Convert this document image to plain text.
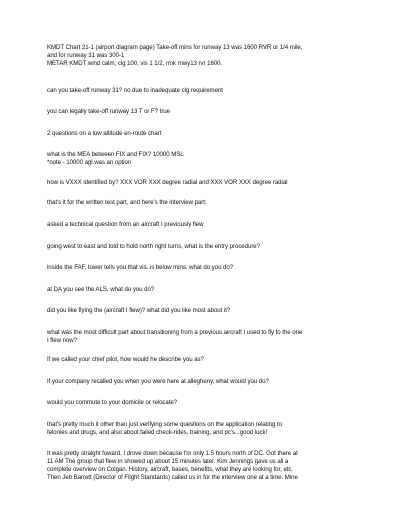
KMDT Chart 21-1 (airport diagram page) Take-off mins for runway 13 was 1600 RVR or 1/4 mile,
and for runway 31 was 300-1
METAR KMDT wind calm, clg 100, vis 1 1/2, rmk rnwy13 rvr 1600.

can you take-off runway 31? no due to inadequate clg requirement

you can legally take-off runway 13 T or F? true

2 questions on a low altitude en-route chart

what is the MEA between FIX and FIX? 10000 MSL
*note - 10000 agl was an option

how is VXXX identified by? XXX VOR XXX degree radial and XXX VOR XXX degree radial

that's it for the written test part, and here's the interview part:

asked a technical question from an aircraft I previously flew

going west to east and told to hold north right turns, what is the entry procedure?

inside the FAF, tower tells you that vis. is below mins. what do you do?

at DA you see the ALS, what do you do?

did you like flying the (aircraft I flew)? what did you like most about it?

what was the most difficult part about transitioning from a previous aircraft I used to fly to the one
I flew now?

If we called your chief pilot, how would he describe you as?

If your company recalled you when you were here at allegheny, what would you do?

would you commute to your domicile or relocate?

that's pretty much it other than just verifying some questions on the application relating to
felonies and drugs, and also about failed check-rides, training, and pc's...good luck!

It was pretty straight foward. I drove down because I'm only 1.5 hours north of DC. Got there at
11 AM The group that flew in showed up about 15 minutes later. Kim Jennings gave us all a
complete overview on Colgan. History, aircraft, bases, benefits, what they are looking for, etc.
Then Jeb Barrett (Director of Flight Standards) called us in for the interview one at a time. Mine
